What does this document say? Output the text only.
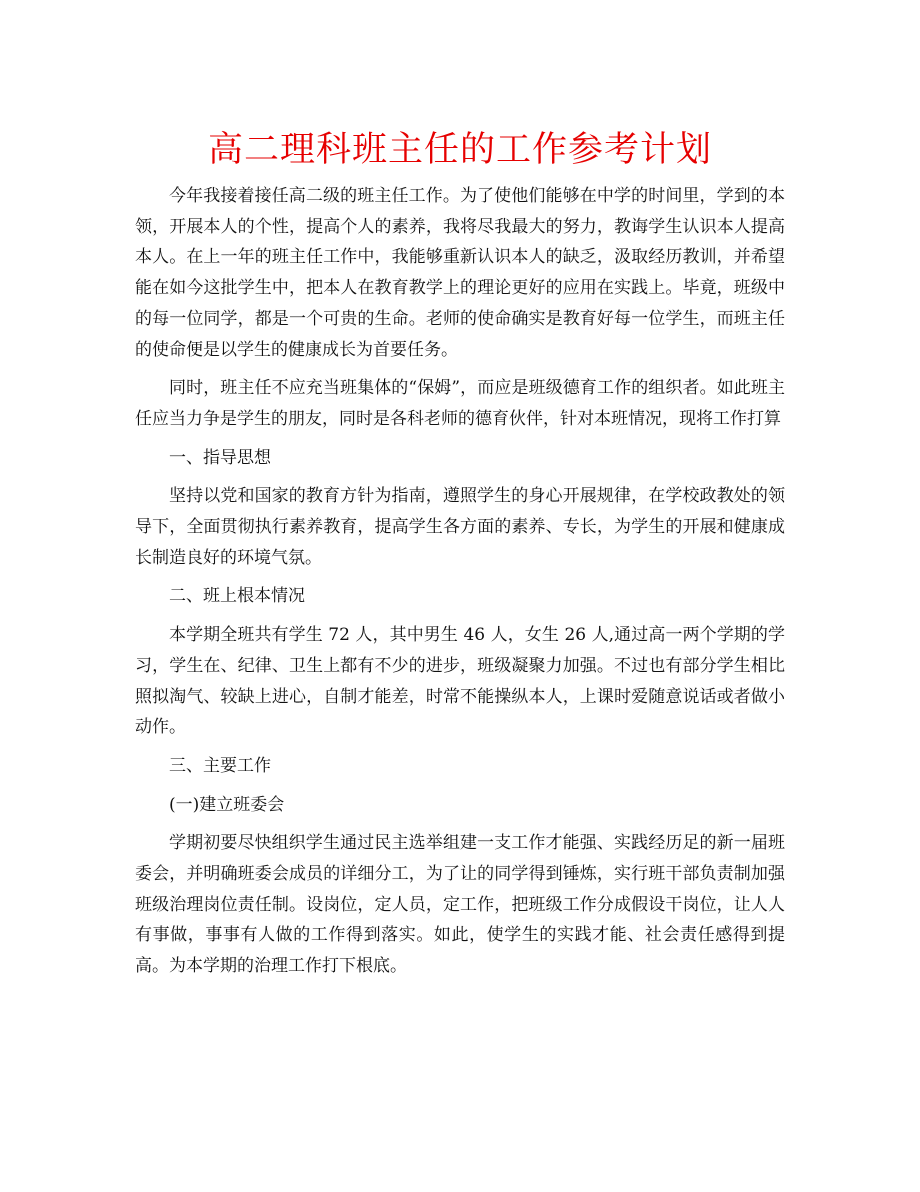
高二理科班主任的工作参考计划

今年我接着接任高二级的班主任工作。为了使他们能够在中学的时间里，学到的本领，开展本人的个性，提高个人的素养，我将尽我最大的努力，教诲学生认识本人提高本人。在上一年的班主任工作中，我能够重新认识本人的缺乏，汲取经历教训，并希望能在如今这批学生中，把本人在教育教学上的理论更好的应用在实践上。毕竟，班级中的每一位同学，都是一个可贵的生命。老师的使命确实是教育好每一位学生，而班主任的使命便是以学生的健康成长为首要任务。

同时，班主任不应充当班集体的“保姆”，而应是班级德育工作的组织者。如此班主任应当力争是学生的朋友，同时是各科老师的德育伙伴，针对本班情况，现将工作打算

一、指导思想

坚持以党和国家的教育方针为指南，遵照学生的身心开展规律，在学校政教处的领导下，全面贯彻执行素养教育，提高学生各方面的素养、专长，为学生的开展和健康成长制造良好的环境气氛。

二、班上根本情况

本学期全班共有学生 72 人，其中男生 46 人，女生 26 人,通过高一两个学期的学习，学生在、纪律、卫生上都有不少的进步，班级凝聚力加强。不过也有部分学生相比照拟淘气、较缺上进心，自制才能差，时常不能操纵本人，上课时爱随意说话或者做小动作。

三、主要工作

(一)建立班委会

学期初要尽快组织学生通过民主选举组建一支工作才能强、实践经历足的新一届班委会，并明确班委会成员的详细分工，为了让的同学得到锤炼，实行班干部负责制加强班级治理岗位责任制。设岗位，定人员，定工作，把班级工作分成假设干岗位，让人人有事做，事事有人做的工作得到落实。如此，使学生的实践才能、社会责任感得到提高。为本学期的治理工作打下根底。
